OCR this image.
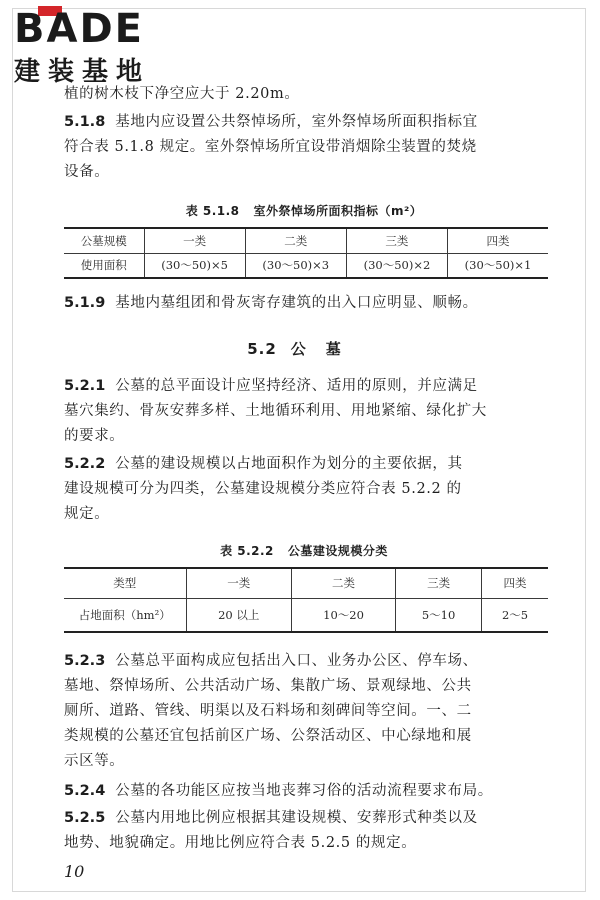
BADE
建装基地

植的树木枝下净空应大于 2.20m。

5.1.8 基地内应设置公共祭悼场所，室外祭悼场所面积指标宜
符合表 5.1.8 规定。室外祭悼场所宜设带消烟除尘装置的焚烧
设备。
表 5.1.8 室外祭悼场所面积指标（m²）
公墓规模	一类	二类	三类	四类
使用面积	(30～50)×5	(30～50)×3	(30～50)×2	(30～50)×1

5.1.9 基地内墓组团和骨灰寄存建筑的出入口应明显、顺畅。

5.2 公墓
5.2.1 公墓的总平面设计应坚持经济、适用的原则，并应满足
墓穴集约、骨灰安葬多样、土地循环利用、用地紧缩、绿化扩大
的要求。
5.2.2 公墓的建设规模以占地面积作为划分的主要依据，其
建设规模可分为四类，公墓建设规模分类应符合表 5.2.2 的
规定。
表 5.2.2 公墓建设规模分类
类型	一类	二类	三类	四类
占地面积（hm²）	20 以上	10～20	5～10	2～5
5.2.3 公墓总平面构成应包括出入口、业务办公区、停车场、
墓地、祭悼场所、公共活动广场、集散广场、景观绿地、公共
厕所、道路、管线、明渠以及石料场和刻碑间等空间。一、二
类规模的公墓还宜包括前区广场、公祭活动区、中心绿地和展
示区等。

5.2.4 公墓的各功能区应按当地丧葬习俗的活动流程要求布局。

5.2.5 公墓内用地比例应根据其建设规模、安葬形式种类以及
地势、地貌确定。用地比例应符合表 5.2.5 的规定。
10
